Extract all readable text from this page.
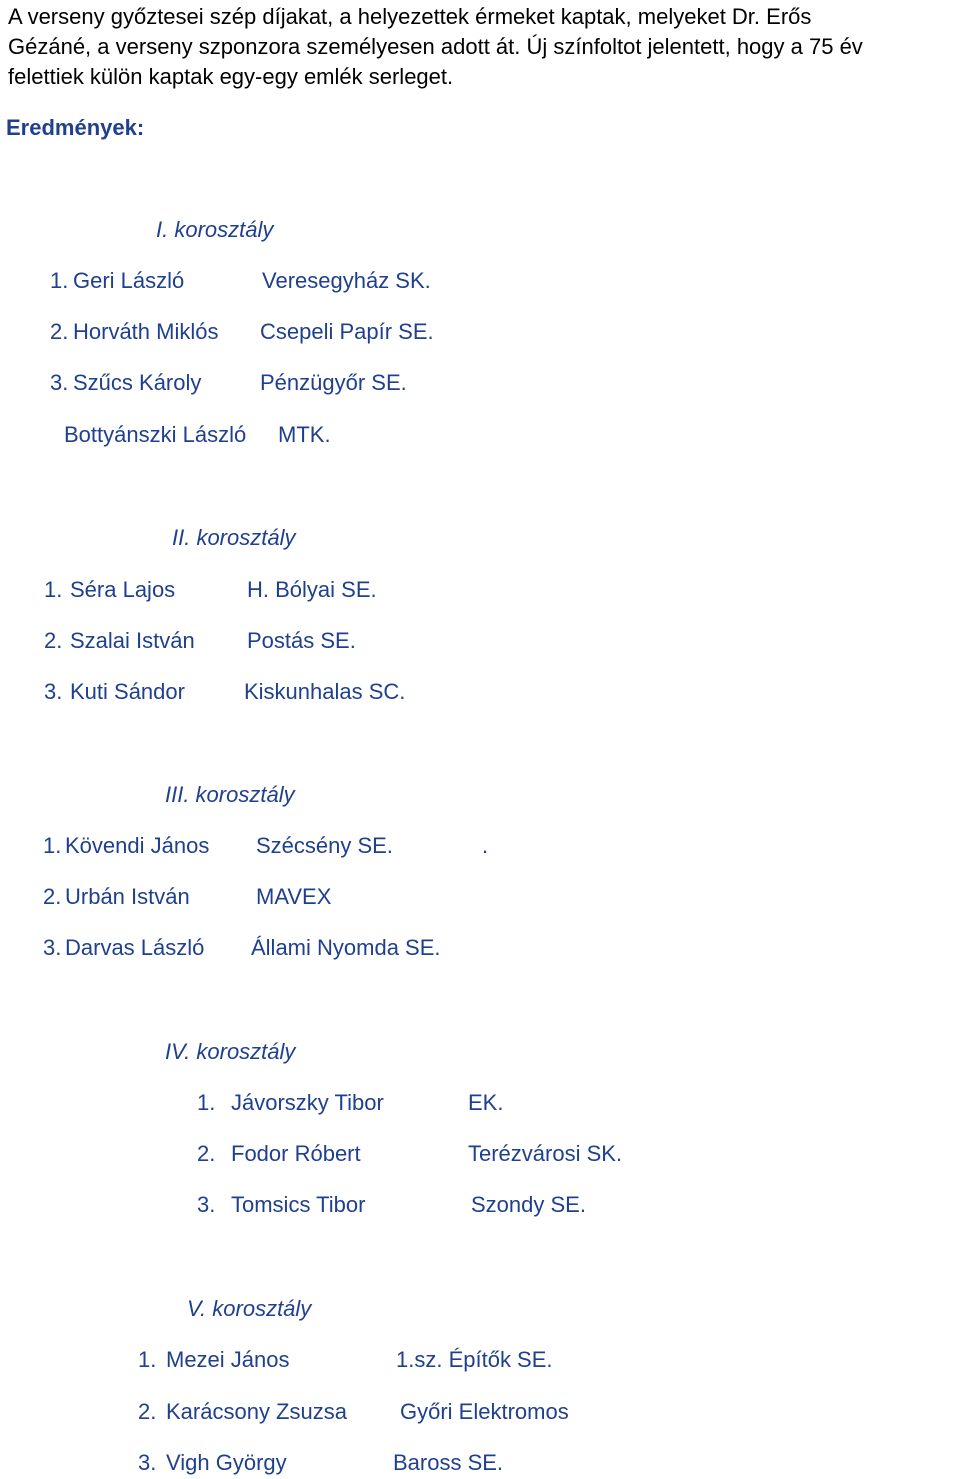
A verseny győztesei szép díjakat, a helyezettek érmeket kaptak, melyeket Dr. Erős
Gézáné, a verseny szponzora személyesen adott át. Új színfoltot jelentett, hogy a 75 év
felettiek külön kaptak egy-egy emlék serleget.
Eredmények:
I. korosztály
1. Geri László	Veresegyház SK.
2. Horváth Miklós Csepeli Papír SE.
3. Szűcs Károly	Pénzügyőr SE.
Bottyánszki László MTK.
II. korosztály
1. Séra Lajos	H. Bólyai SE.
2. Szalai István Postás SE.
3. Kuti Sándor	Kiskunhalas SC.
III. korosztály
1. Kövendi János Szécsény SE.	.
2. Urbán István	MAVEX
3. Darvas László Állami Nyomda SE.
IV. korosztály
1. Jávorszky Tibor	EK.
2. Fodor Róbert	Terézvárosi SK.
3. Tomsics Tibor	Szondy SE.
V. korosztály
1. Mezei János	1.sz. Építők SE.
2. Karácsony Zsuzsa Győri Elektromos
3. Vigh György	Baross SE.
